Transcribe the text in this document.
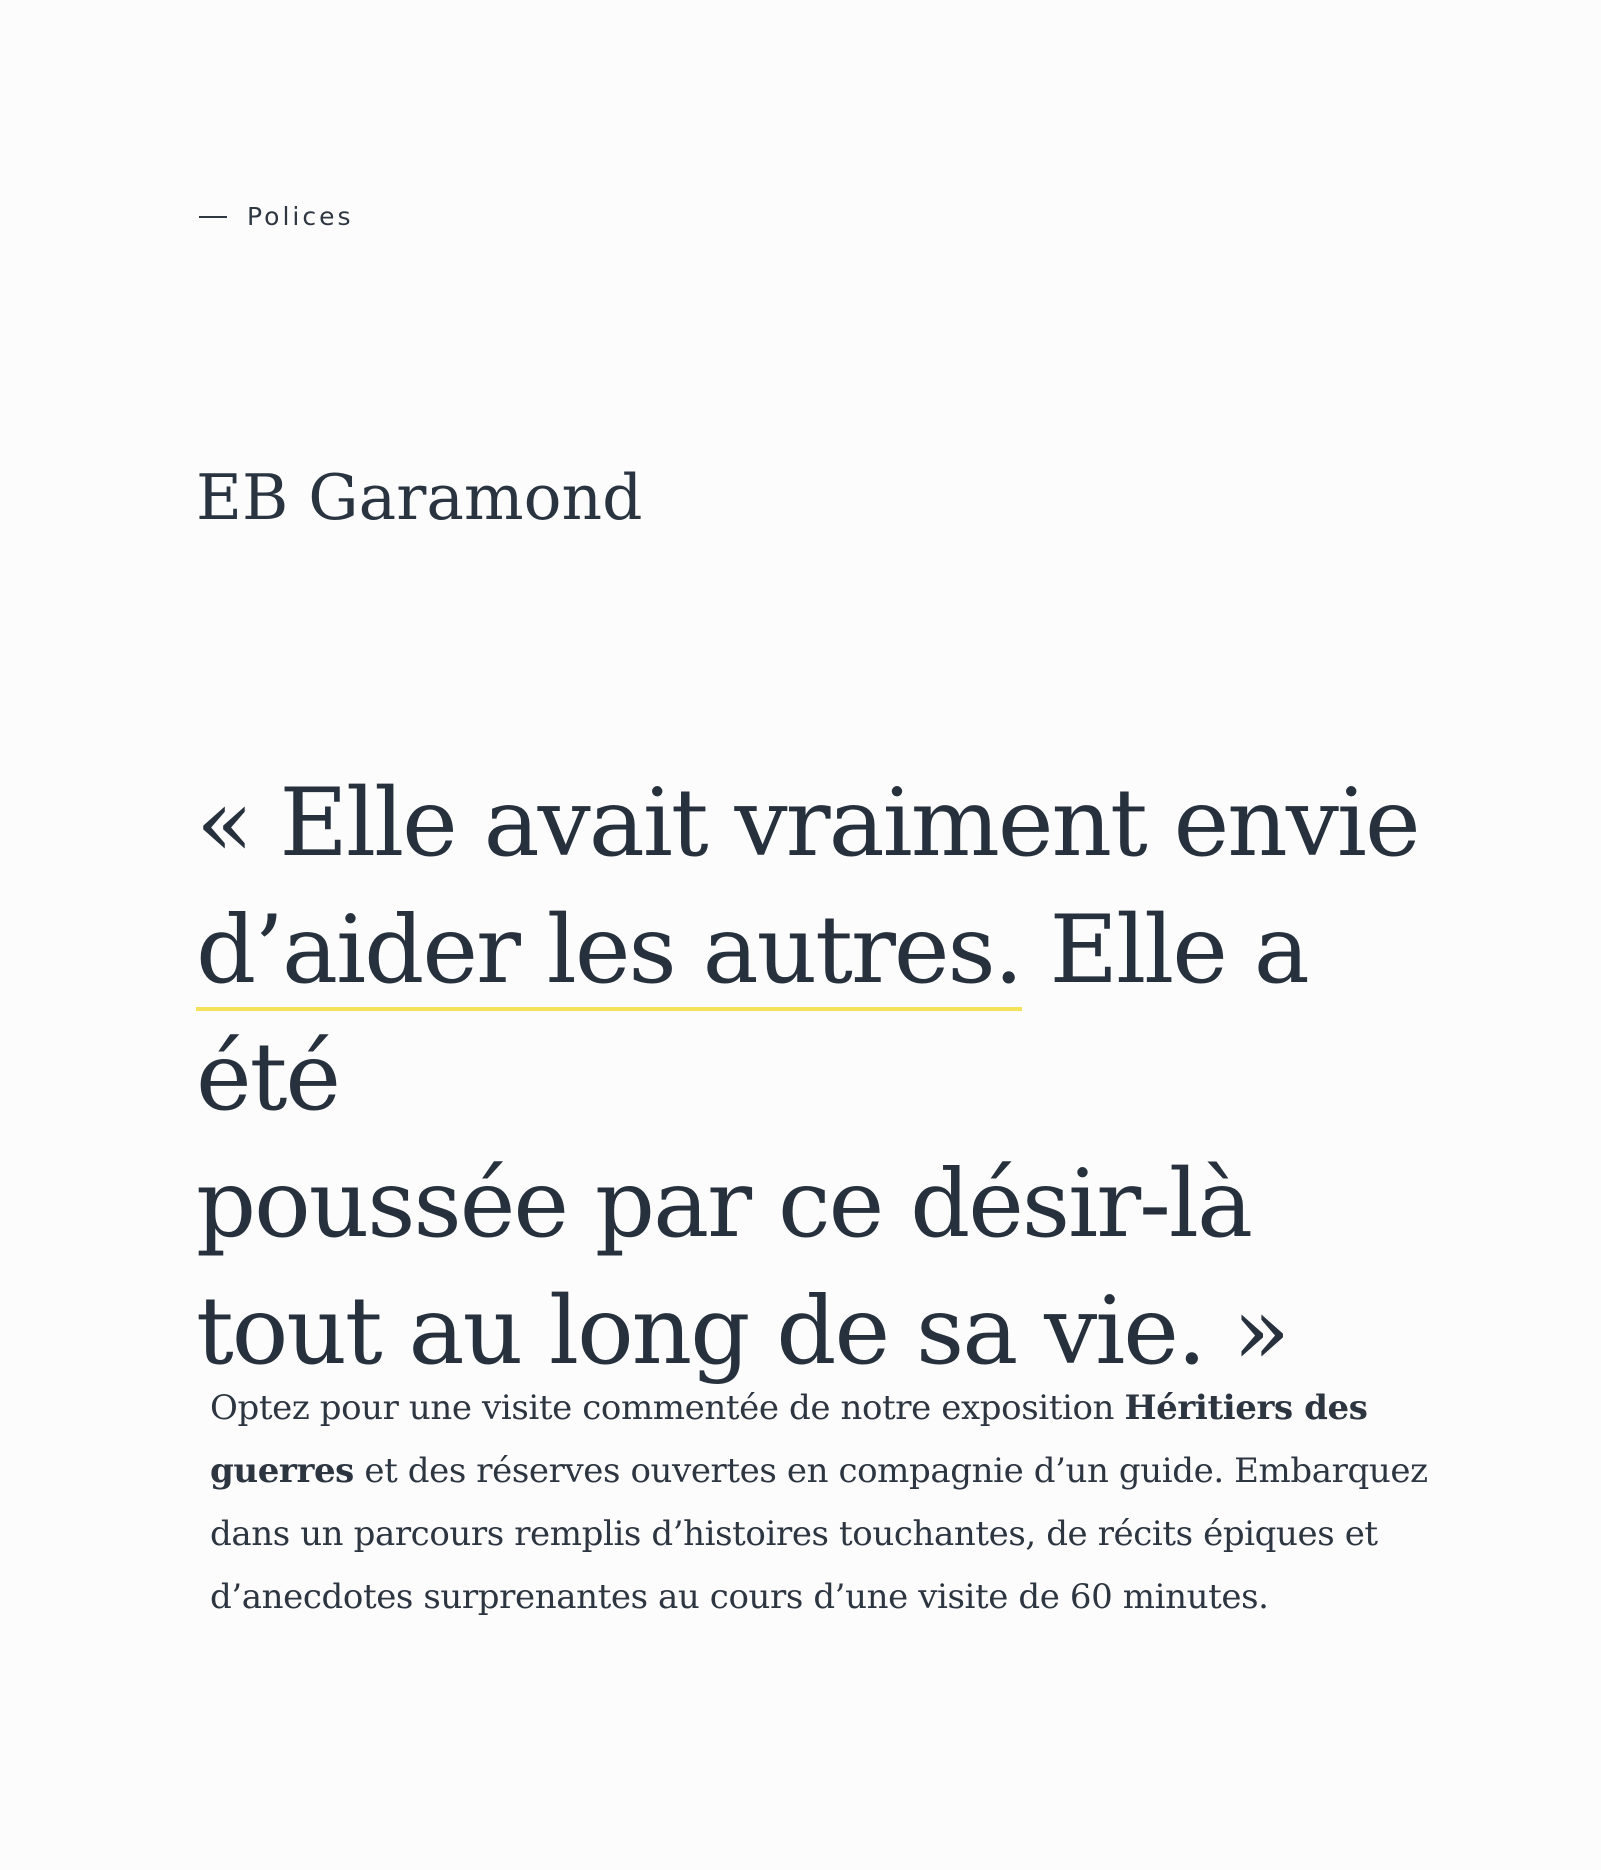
Polices
EB Garamond

« Elle avait vraiment envie
d’aider les autres. Elle a été
poussée par ce désir-là
tout au long de sa vie. »

Optez pour une visite commentée de notre exposition Héritiers des guerres et des réserves ouvertes en compagnie d’un guide. Embarquez dans un parcours remplis d’histoires touchantes, de récits épiques et d’anecdotes surprenantes au cours d’une visite de 60 minutes.
